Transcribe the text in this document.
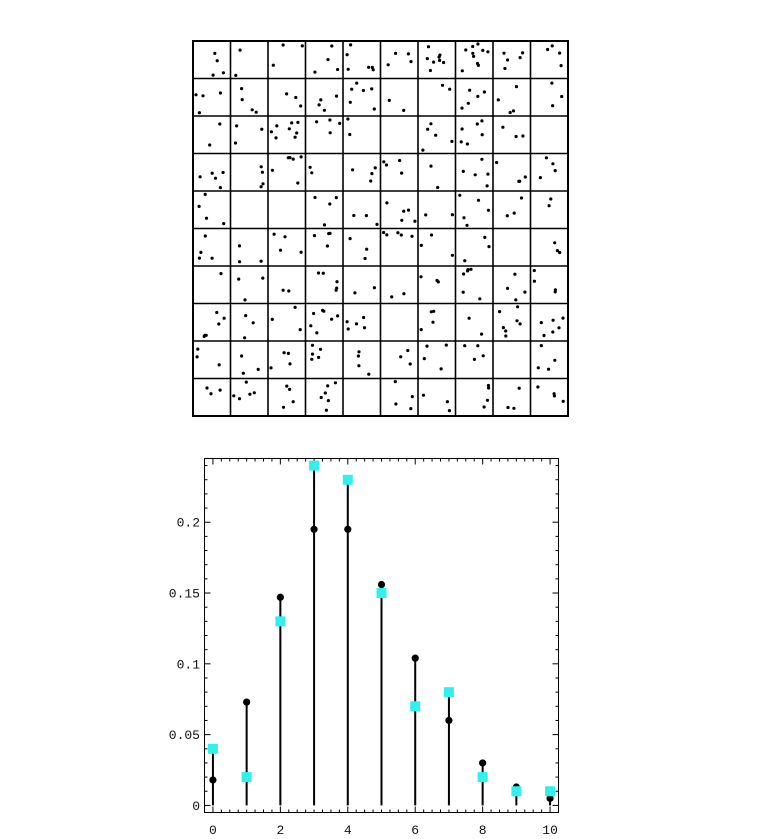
0	2	4	6	8	10
0
0.05
0.1
0.15
0.2
